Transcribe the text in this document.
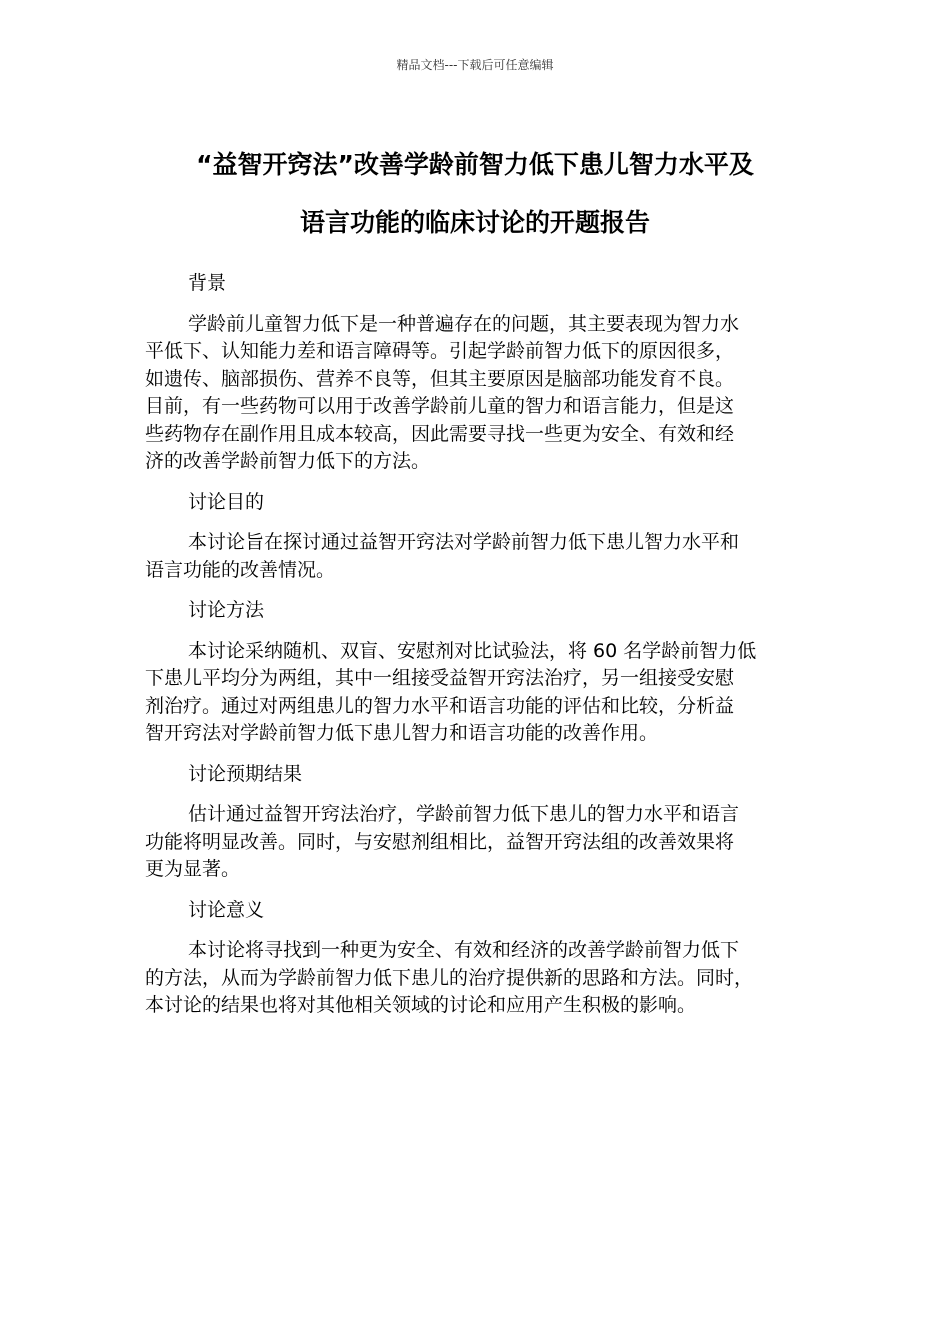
精品文档---下载后可任意编辑
“益智开窍法”改善学龄前智力低下患儿智力水平及
语言功能的临床讨论的开题报告
背景
学龄前儿童智力低下是一种普遍存在的问题，其主要表现为智力水
平低下、认知能力差和语言障碍等。引起学龄前智力低下的原因很多，
如遗传、脑部损伤、营养不良等，但其主要原因是脑部功能发育不良。
目前，有一些药物可以用于改善学龄前儿童的智力和语言能力，但是这
些药物存在副作用且成本较高，因此需要寻找一些更为安全、有效和经
济的改善学龄前智力低下的方法。
讨论目的
本讨论旨在探讨通过益智开窍法对学龄前智力低下患儿智力水平和
语言功能的改善情况。
讨论方法
本讨论采纳随机、双盲、安慰剂对比试验法，将 60 名学龄前智力低
下患儿平均分为两组，其中一组接受益智开窍法治疗，另一组接受安慰
剂治疗。通过对两组患儿的智力水平和语言功能的评估和比较，分析益
智开窍法对学龄前智力低下患儿智力和语言功能的改善作用。
讨论预期结果
估计通过益智开窍法治疗，学龄前智力低下患儿的智力水平和语言
功能将明显改善。同时，与安慰剂组相比，益智开窍法组的改善效果将
更为显著。
讨论意义
本讨论将寻找到一种更为安全、有效和经济的改善学龄前智力低下
的方法，从而为学龄前智力低下患儿的治疗提供新的思路和方法。同时，
本讨论的结果也将对其他相关领域的讨论和应用产生积极的影响。
